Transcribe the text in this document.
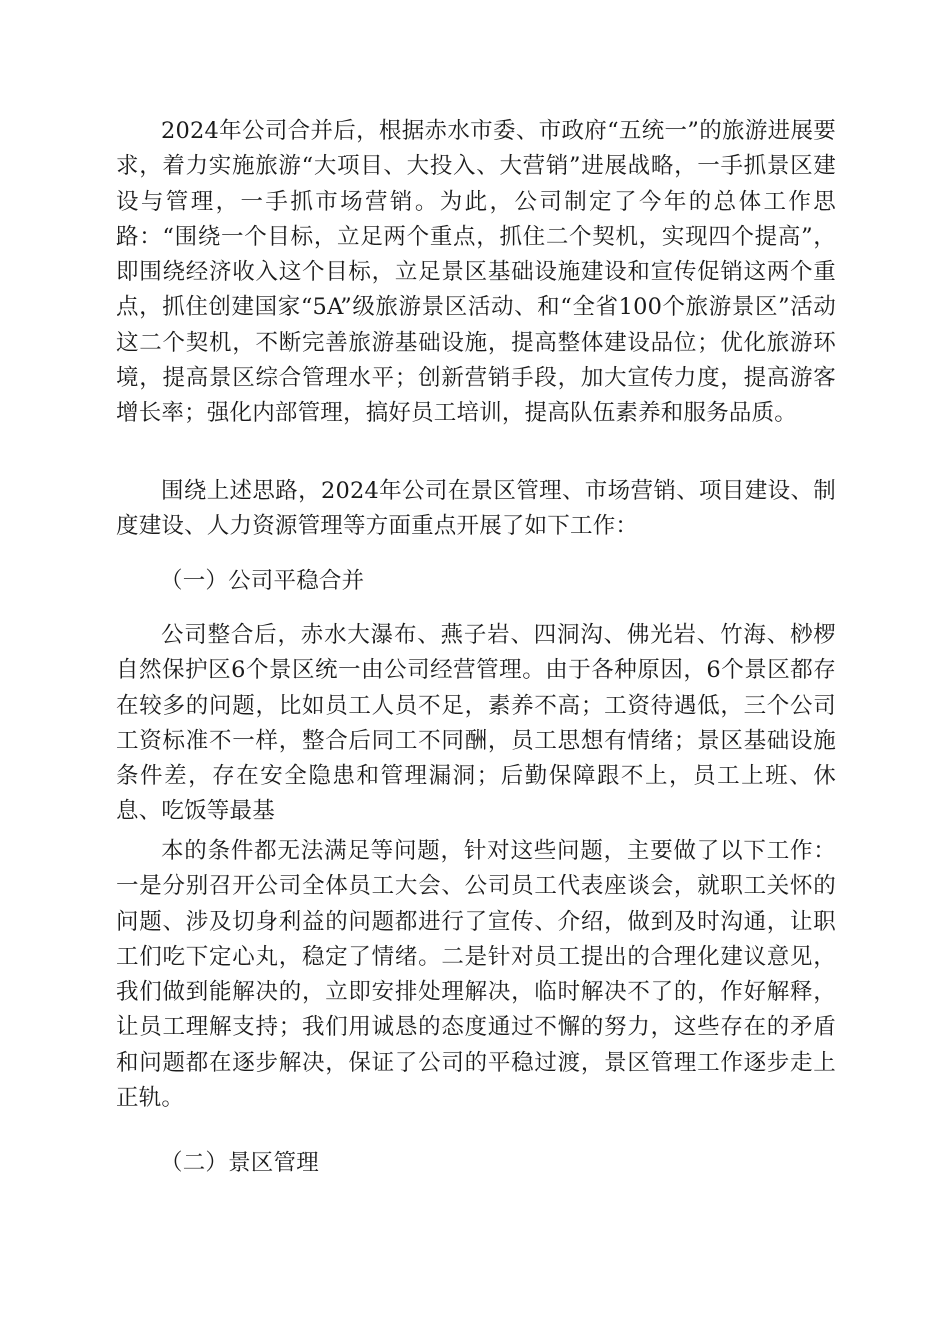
2024年公司合并后，根据赤水市委、市政府“五统一”的旅游进展要求，着力实施旅游“大项目、大投入、大营销”进展战略，一手抓景区建设与管理，一手抓市场营销。为此，公司制定了今年的总体工作思路：“围绕一个目标，立足两个重点，抓住二个契机，实现四个提高”，即围绕经济收入这个目标，立足景区基础设施建设和宣传促销这两个重点，抓住创建国家“5A”级旅游景区活动、和“全省100个旅游景区”活动这二个契机，不断完善旅游基础设施，提高整体建设品位；优化旅游环境，提高景区综合管理水平；创新营销手段，加大宣传力度，提高游客增长率；强化内部管理，搞好员工培训，提高队伍素养和服务品质。

围绕上述思路，2024年公司在景区管理、市场营销、项目建设、制度建设、人力资源管理等方面重点开展了如下工作：

（一）公司平稳合并

公司整合后，赤水大瀑布、燕子岩、四洞沟、佛光岩、竹海、桫椤自然保护区6个景区统一由公司经营管理。由于各种原因，6个景区都存在较多的问题，比如员工人员不足，素养不高；工资待遇低，三个公司工资标准不一样，整合后同工不同酬，员工思想有情绪；景区基础设施条件差，存在安全隐患和管理漏洞；后勤保障跟不上，员工上班、休息、吃饭等最基

本的条件都无法满足等问题，针对这些问题，主要做了以下工作：一是分别召开公司全体员工大会、公司员工代表座谈会，就职工关怀的问题、涉及切身利益的问题都进行了宣传、介绍，做到及时沟通，让职工们吃下定心丸，稳定了情绪。二是针对员工提出的合理化建议意见，我们做到能解决的，立即安排处理解决，临时解决不了的，作好解释，让员工理解支持；我们用诚恳的态度通过不懈的努力，这些存在的矛盾和问题都在逐步解决，保证了公司的平稳过渡，景区管理工作逐步走上正轨。

（二）景区管理
